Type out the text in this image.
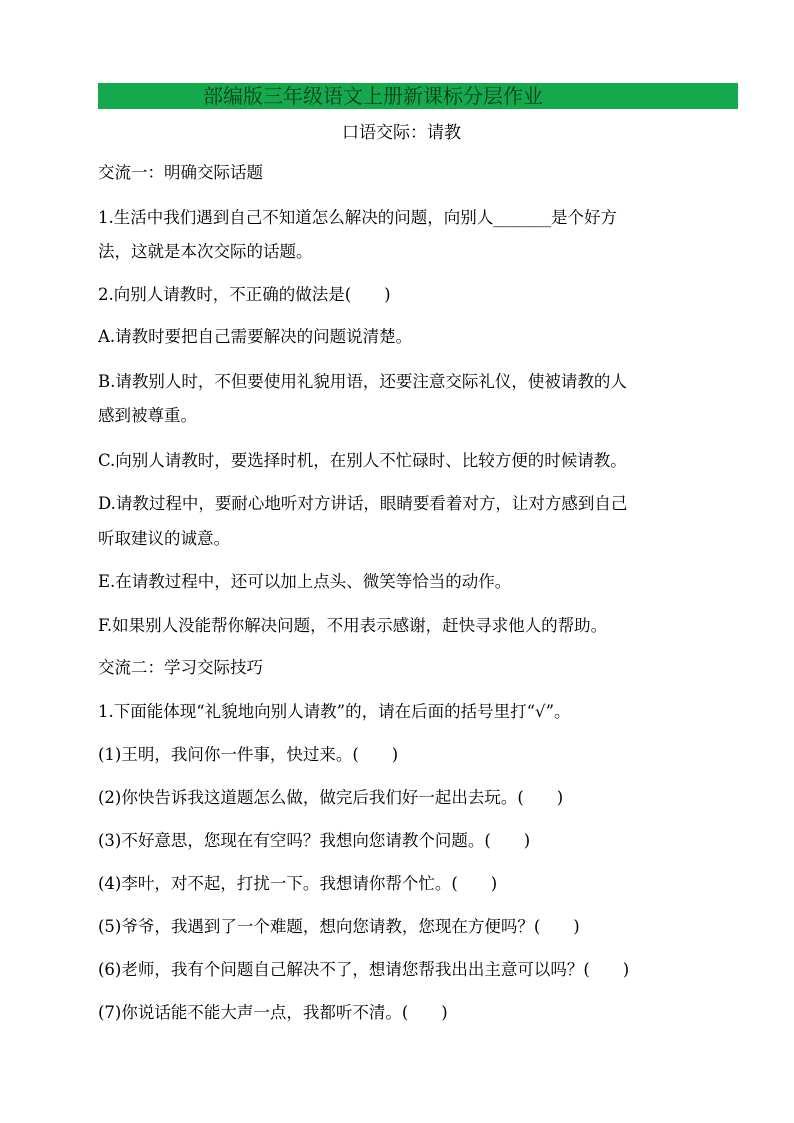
部编版三年级语文上册新课标分层作业
口语交际：请教
交流一：明确交际话题
1.生活中我们遇到自己不知道怎么解决的问题，向别人_______是个好方
法，这就是本次交际的话题。
2.向别人请教时，不正确的做法是(　　)
A.请教时要把自己需要解决的问题说清楚。
B.请教别人时，不但要使用礼貌用语，还要注意交际礼仪，使被请教的人
感到被尊重。
C.向别人请教时，要选择时机，在别人不忙碌时、比较方便的时候请教。
D.请教过程中，要耐心地听对方讲话，眼睛要看着对方，让对方感到自己
听取建议的诚意。
E.在请教过程中，还可以加上点头、微笑等恰当的动作。
F.如果别人没能帮你解决问题，不用表示感谢，赶快寻求他人的帮助。
交流二：学习交际技巧
1.下面能体现“礼貌地向别人请教”的，请在后面的括号里打“√”。
(1)王明，我问你一件事，快过来。(　　)
(2)你快告诉我这道题怎么做，做完后我们好一起出去玩。(　　)
(3)不好意思，您现在有空吗？我想向您请教个问题。(　　)
(4)李叶，对不起，打扰一下。我想请你帮个忙。(　　)
(5)爷爷，我遇到了一个难题，想向您请教，您现在方便吗？(　　)
(6)老师，我有个问题自己解决不了，想请您帮我出出主意可以吗？(　　)
(7)你说话能不能大声一点，我都听不清。(　　)
